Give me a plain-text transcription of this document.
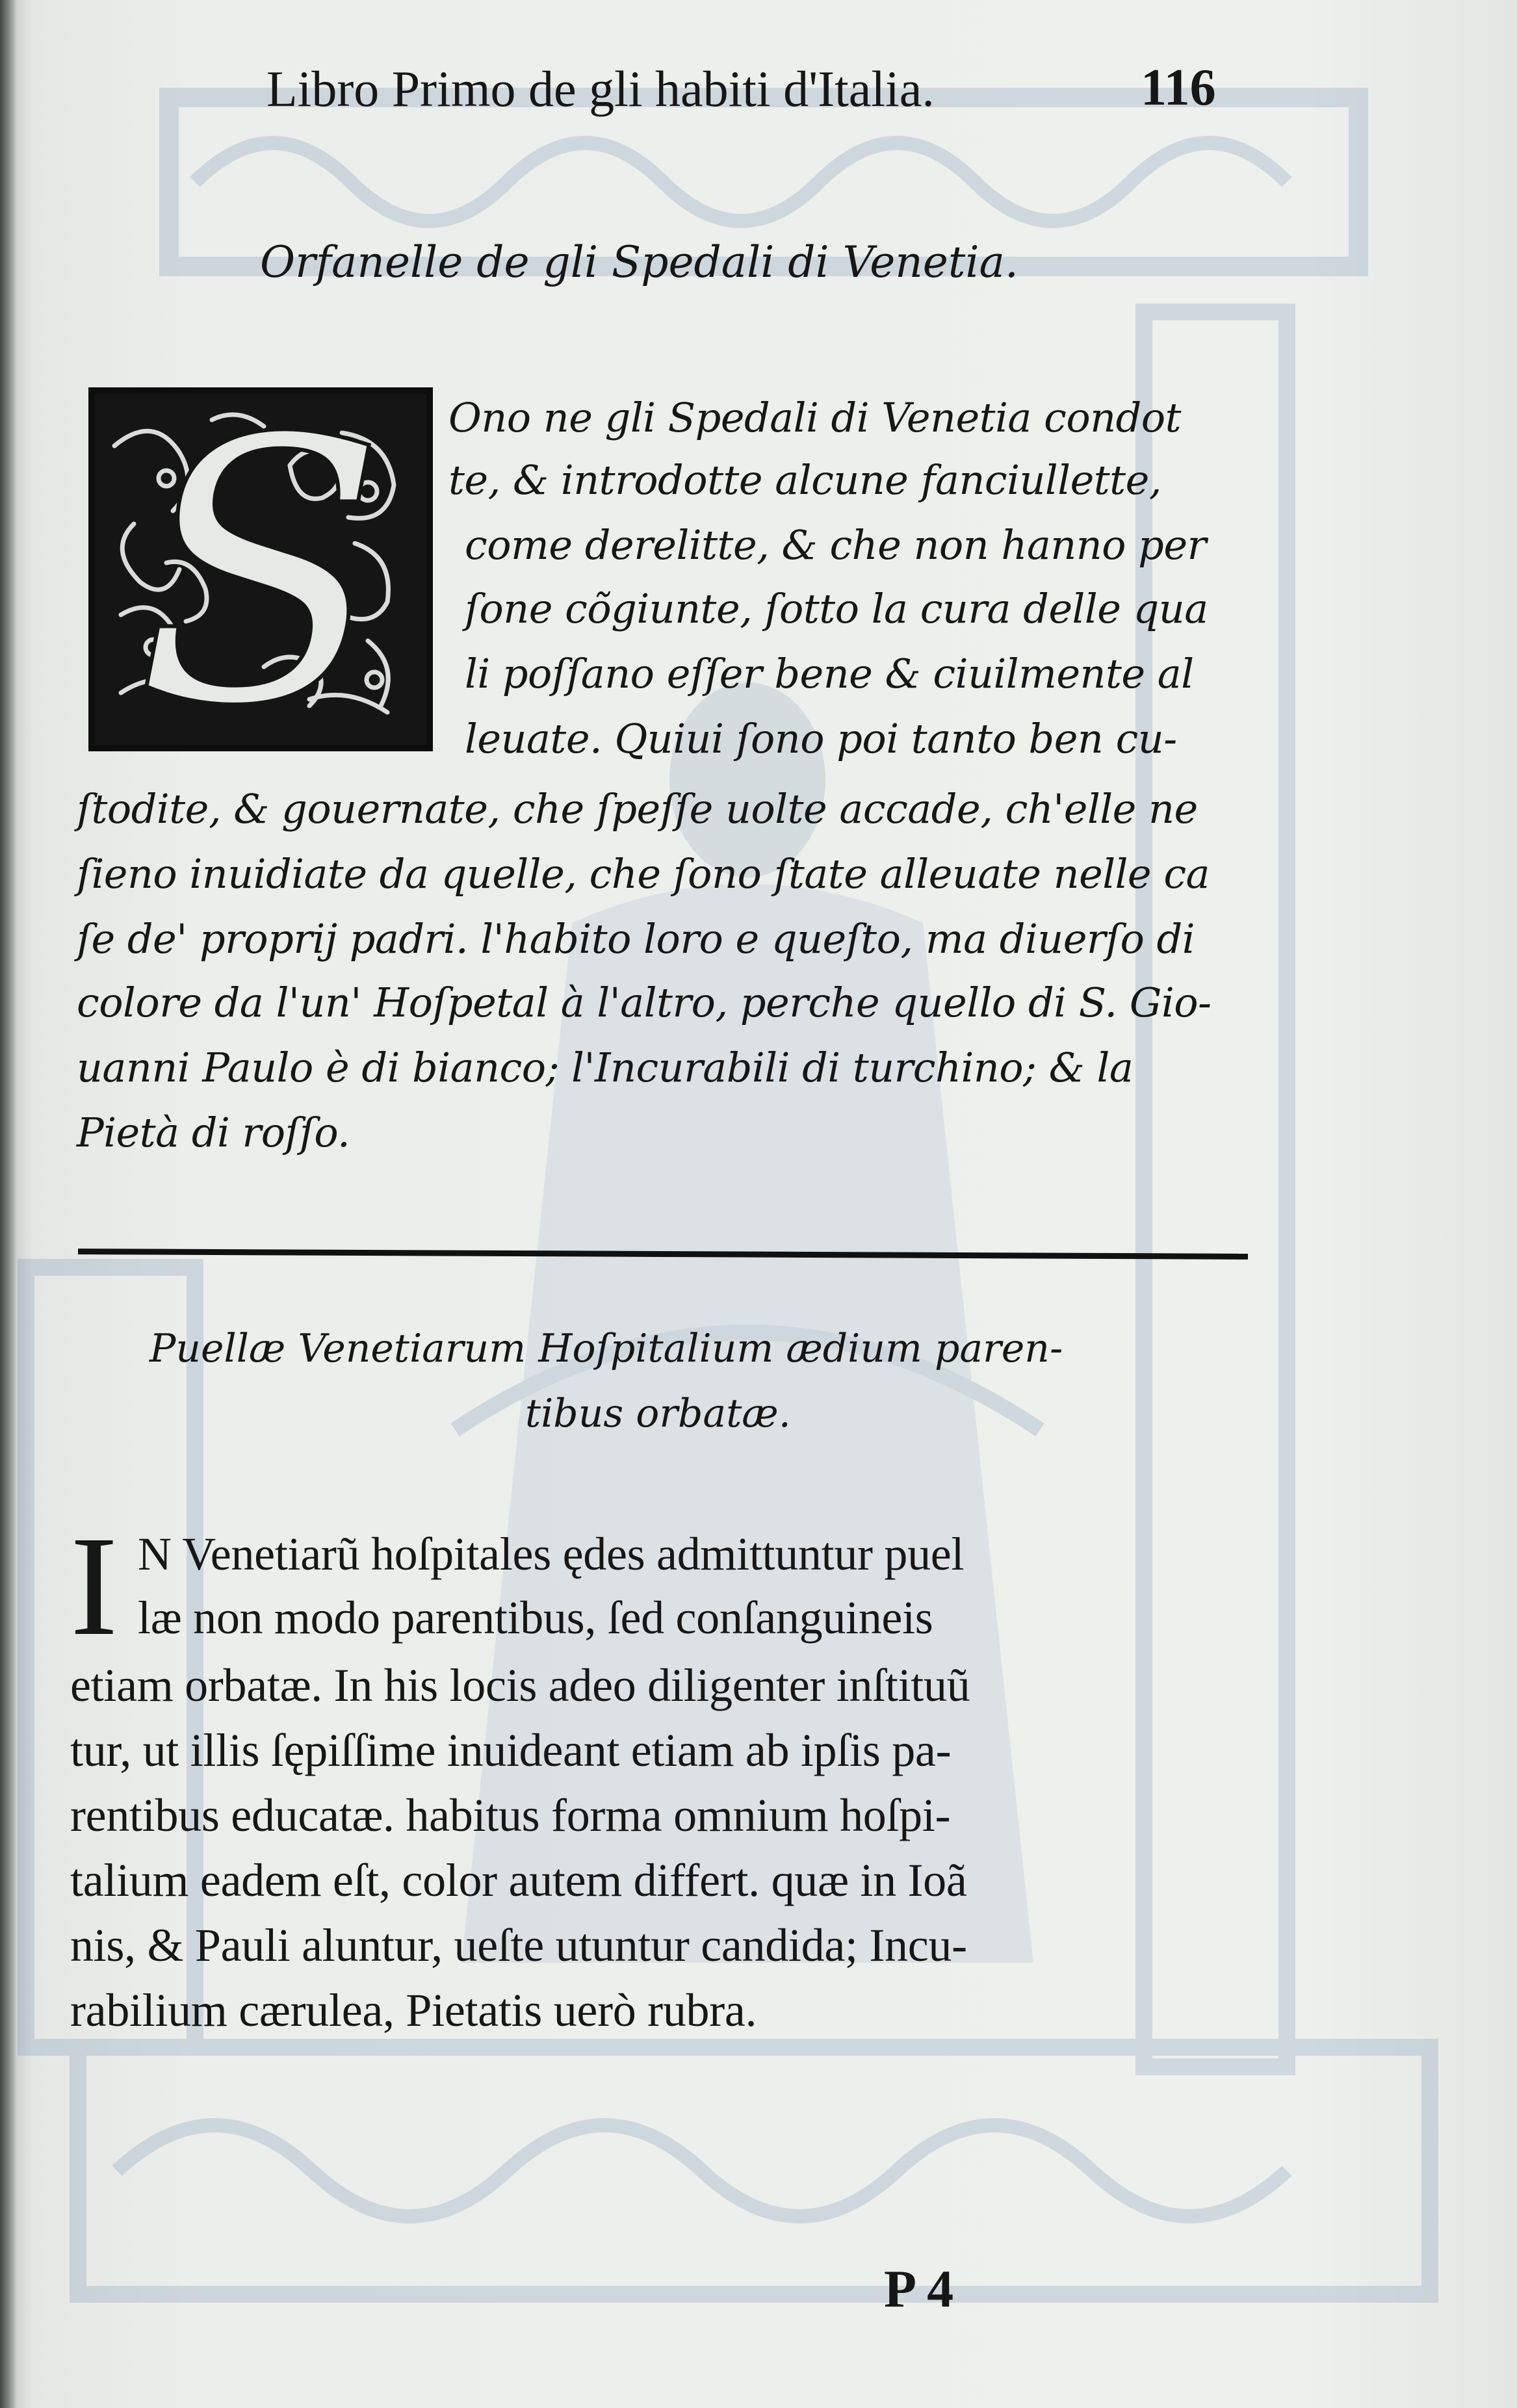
Libro Primo de gli habiti d'Italia.	116
Orfanelle de gli Spedali di Venetia.
S Ono ne gli Spedali di Venetia condot
te, & introdotte alcune fanciullette,
come derelitte, & che non hanno per
ſone cõgiunte, ſotto la cura delle qua
li poſſano eſſer bene & ciuilmente al
leuate. Quiui ſono poi tanto ben cu-
ſtodite, & gouernate, che ſpeſſe uolte accade, ch'elle ne
ſieno inuidiate da quelle, che ſono ſtate alleuate nelle ca
ſe de' proprij padri. l'habito loro e queſto, ma diuerſo di
colore da l'un' Hoſpetal à l'altro, perche quello di S. Gio-
uanni Paulo è di bianco; l'Incurabili di turchino; & la
Pietà di roſſo.
Puellæ Venetiarum Hoſpitalium ædium paren-
tibus orbatæ.
I N Venetiarũ hoſpitales ędes admittuntur puel
læ non modo parentibus, ſed conſanguineis
etiam orbatæ. In his locis adeo diligenter inſtituũ
tur, ut illis ſępiſſime inuideant etiam ab ipſis pa-
rentibus educatæ. habitus forma omnium hoſpi-
talium eadem eſt, color autem differt. quæ in Ioã
nis, & Pauli aluntur, ueſte utuntur candida; Incu-
rabilium cærulea, Pietatis uerò rubra.
P 4
